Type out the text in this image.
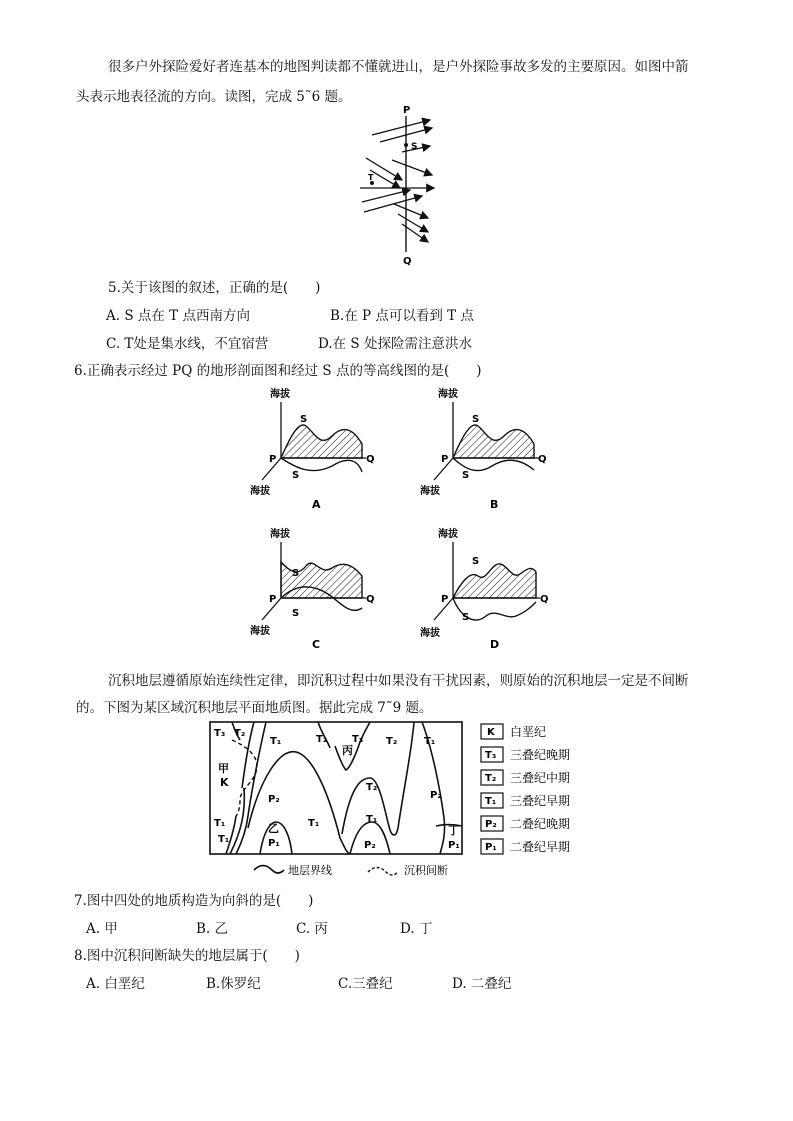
很多户外探险爱好者连基本的地图判读都不懂就进山，是户外探险事故多发的主要原因。如图中箭
头表示地表径流的方向。读图，完成 5˜6 题。
P
Q
S
T
5.关于该图的叙述，正确的是(　　)
A. S 点在 T 点西南方向	B.在 P 点可以看到 T 点
C. T处是集水线，不宜宿营	D.在 S 处探险需注意洪水
6.正确表示经过 PQ 的地形剖面图和经过 S 点的等高线图的是(　　)
海拔
S
S
P	Q
海拔
A
海拔
S
S
P	Q
海拔
B
海拔
S
S
P	Q
海拔
C
海拔
S
S
P	Q
海拔
D
沉积地层遵循原始连续性定律，即沉积过程中如果没有干扰因素，则原始的沉积地层一定是不间断
的。下图为某区域沉积地层平面地质图。据此完成 7˜9 题。
T₃ T₂
T₁	T₂ T₃
丙
T₂	T₁
甲
K
P₂
T₂
P₂
T₁
T₁
T₁
乙
P₁
T₁
P₂
丁
P₁
地层界线	沉积间断
K 白垩纪
T₃ 三叠纪晚期
T₂ 三叠纪中期
T₁ 三叠纪早期
P₂ 二叠纪晚期
P₁ 二叠纪早期
7.图中四处的地质构造为向斜的是(　　)
A. 甲	B. 乙	C. 丙	D. 丁
8.图中沉积间断缺失的地层属于(　　)
A. 白垩纪	B.侏罗纪	C.三叠纪	D. 二叠纪
